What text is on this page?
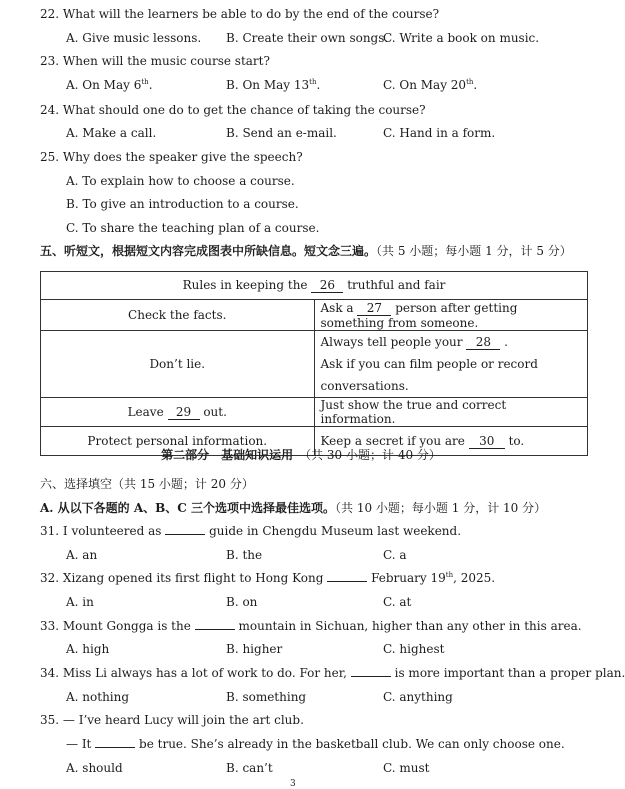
22. What will the learners be able to do by the end of the course?
A. Give music lessons. B. Create their own songs.
C. Write a book on music.
23. When will the music course start?
A. On May 6th.	B. On May 13th.	C. On May 20th.
24. What should one do to get the chance of taking the course?
A. Make a call.	B. Send an e-mail.	C. Hand in a form.
25. Why does the speaker give the speech?
A. To explain how to choose a course.
B. To give an introduction to a course.
C. To share the teaching plan of a course.
五、听短文，根据短文内容完成图表中所缺信息。短文念三遍。（共 5 小题；每小题 1 分，计 5 分）
Rules in keeping the 26 truthful and fair	
Check the facts.	Ask a 27 person after getting something from someone.
Don’t lie.	Always tell people your 28 .
Ask if you can film people or record conversations.

Leave 29 out.	Just show the true and correct information.
Protect personal information.	Keep a secret if you are 30 to.
第二部分　基础知识运用　 （共 30 小题；计 40 分）
六、选择填空（共 15 小题；计 20 分）
A. 从以下各题的 A、B、C 三个选项中选择最佳选项。（共 10 小题；每小题 1 分，计 10 分）
31. I volunteered as	guide in Chengdu Museum last weekend.
A. an	B. the	C. a
32. Xizang opened its first flight to Hong Kong	February 19th, 2025.
A. in	B. on	C. at
33. Mount Gongga is the	mountain in Sichuan, higher than any other in this area.
A. high	B. higher	C. highest
34. Miss Li always has a lot of work to do. For her,	is more important than a proper plan.
A. nothing	B. something	C. anything
35. — I’ve heard Lucy will join the art club.
— It	be true. She’s already in the basketball club. We can only choose one.
A. should	B. can’t	C. must
3
